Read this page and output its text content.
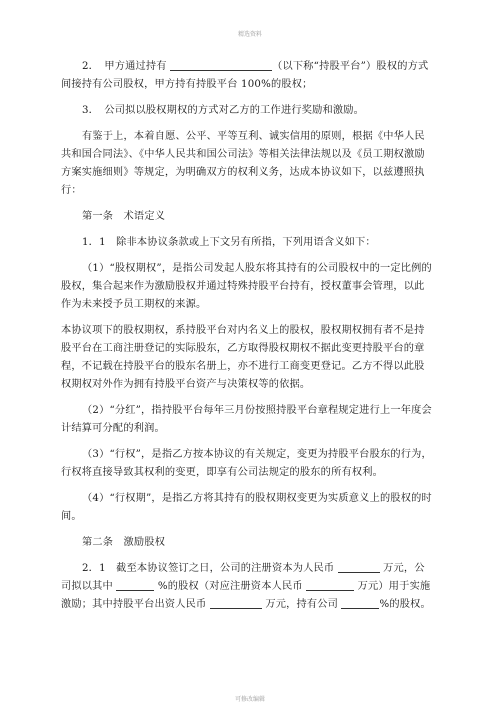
精选资料

2．　甲方通过持有	（以下称“持股平台”）股权的方式间接持有公司股权，甲方持有持股平台 100%的股权；

3．　公司拟以股权期权的方式对乙方的工作进行奖励和激励。

有鉴于上，本着自愿、公平、平等互利、诚实信用的原则，根据《中华人民共和国合同法》、《中华人民共和国公司法》等相关法律法规以及《员工期权激励方案实施细则》等规定，为明确双方的权利义务，达成本协议如下，以兹遵照执行：

第一条　术语定义

1．1　除非本协议条款或上下文另有所指，下列用语含义如下：

（1）“股权期权”，是指公司发起人股东将其持有的公司股权中的一定比例的股权，集合起来作为激励股权并通过特殊持股平台持有，授权董事会管理，以此作为未来授予员工期权的来源。

本协议项下的股权期权，系持股平台对内名义上的股权，股权期权拥有者不是持股平台在工商注册登记的实际股东，乙方取得股权期权不据此变更持股平台的章程，不记载在持股平台的股东名册上，亦不进行工商变更登记。乙方不得以此股权期权对外作为拥有持股平台资产与决策权等的依据。

（2）“分红”，指持股平台每年三月份按照持股平台章程规定进行上一年度会计结算可分配的利润。

（3）“行权”，是指乙方按本协议的有关规定，变更为持股平台股东的行为，行权将直接导致其权利的变更，即享有公司法规定的股东的所有权利。

（4）“行权期”，是指乙方将其持有的股权期权变更为实质意义上的股权的时间。

第二条　激励股权

2．1　截至本协议签订之日，公司的注册资本为人民币	万元，公司拟以其中	%的股权（对应注册资本人民币	万元）用于实施激励；其中持股平台出资人民币	万元，持有公司	%的股权。

可修改编辑
